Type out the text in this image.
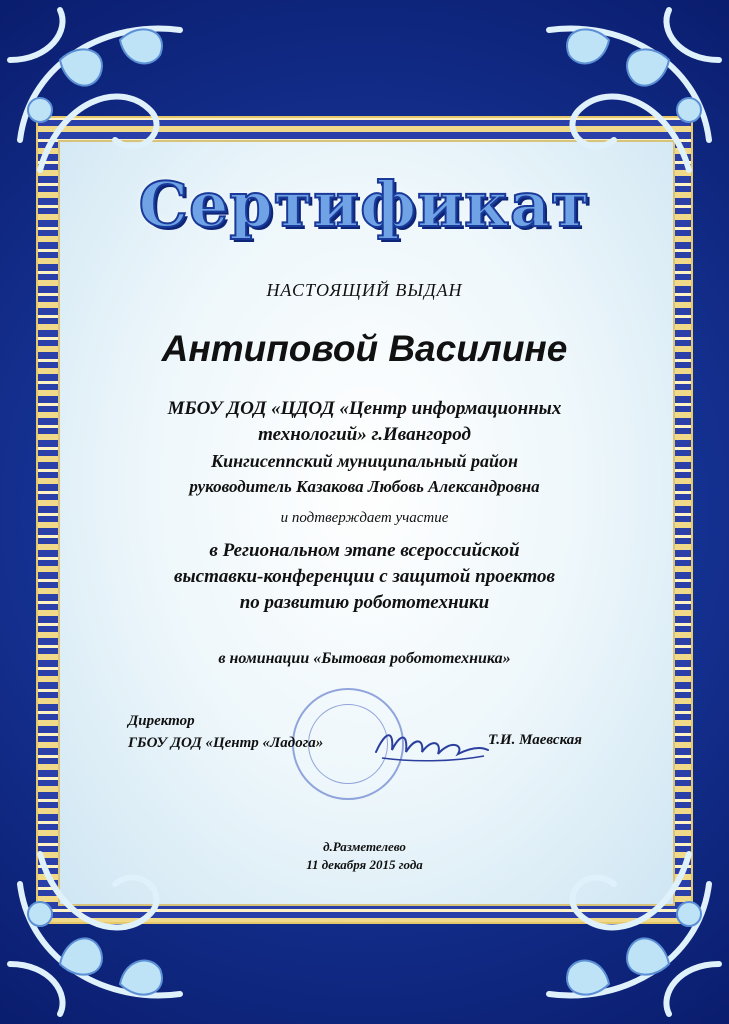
Сертификат
НАСТОЯЩИЙ ВЫДАН
Антиповой Василине
МБОУ ДОД «ЦДОД «Центр информационных
технологий» г.Ивангород
Кингисеппский муниципальный район
руководитель Казакова Любовь Александровна
и подтверждает участие
в Региональном этапе всероссийской
выставки-конференции с защитой проектов
по развитию робототехники
в номинации «Бытовая робототехника»
Директор
ГБОУ ДОД «Центр «Ладога»	Т.И. Маевская
д.Разметелево
11 декабря 2015 года
